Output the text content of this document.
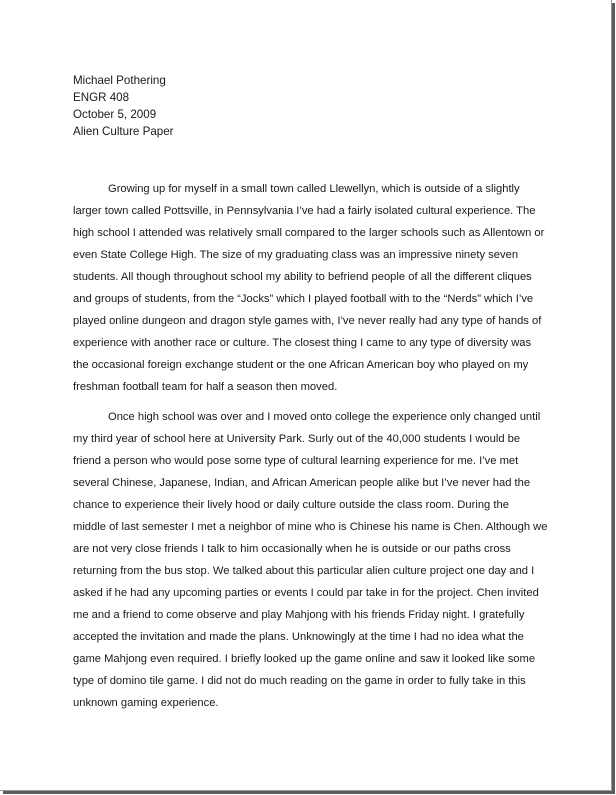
Michael Pothering
ENGR 408
October 5, 2009
Alien Culture Paper
Growing up for myself in a small town called Llewellyn, which is outside of a slightly
larger town called Pottsville, in Pennsylvania I’ve had a fairly isolated cultural experience. The
high school I attended was relatively small compared to the larger schools such as Allentown or
even State College High. The size of my graduating class was an impressive ninety seven
students. All though throughout school my ability to befriend people of all the different cliques
and groups of students, from the “Jocks” which I played football with to the “Nerds” which I’ve
played online dungeon and dragon style games with, I’ve never really had any type of hands of
experience with another race or culture. The closest thing I came to any type of diversity was
the occasional foreign exchange student or the one African American boy who played on my
freshman football team for half a season then moved.
Once high school was over and I moved onto college the experience only changed until
my third year of school here at University Park. Surly out of the 40,000 students I would be
friend a person who would pose some type of cultural learning experience for me. I’ve met
several Chinese, Japanese, Indian, and African American people alike but I’ve never had the
chance to experience their lively hood or daily culture outside the class room. During the
middle of last semester I met a neighbor of mine who is Chinese his name is Chen. Although we
are not very close friends I talk to him occasionally when he is outside or our paths cross
returning from the bus stop. We talked about this particular alien culture project one day and I
asked if he had any upcoming parties or events I could par take in for the project. Chen invited
me and a friend to come observe and play Mahjong with his friends Friday night. I gratefully
accepted the invitation and made the plans. Unknowingly at the time I had no idea what the
game Mahjong even required. I briefly looked up the game online and saw it looked like some
type of domino tile game. I did not do much reading on the game in order to fully take in this
unknown gaming experience.
